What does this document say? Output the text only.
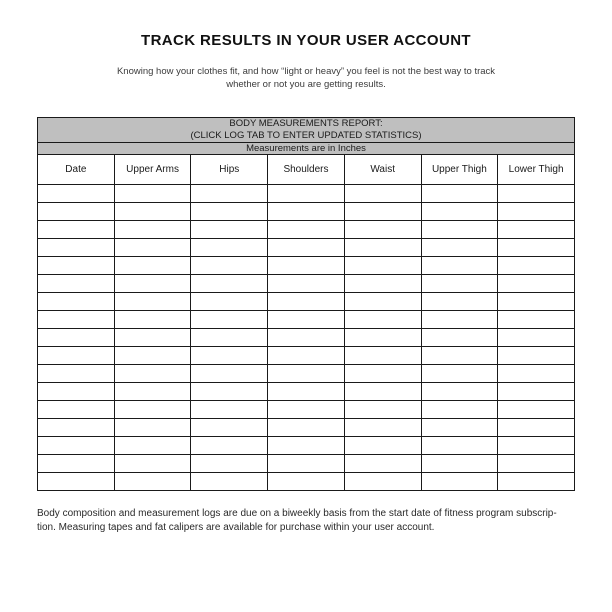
TRACK RESULTS IN YOUR USER ACCOUNT

Knowing how your clothes fit, and how “light or heavy” you feel is not the best way to track
whether or not you are getting results.

BODY MEASUREMENTS REPORT:
(CLICK LOG TAB TO ENTER UPDATED STATISTICS)						

Measurements are in Inches						
Date	Upper Arms	Hips	Shoulders	Waist	Upper Thigh	Lower Thigh

Body composition and measurement logs are due on a biweekly basis from the start date of fitness program subscrip-
tion. Measuring tapes and fat calipers are available for purchase within your user account.
